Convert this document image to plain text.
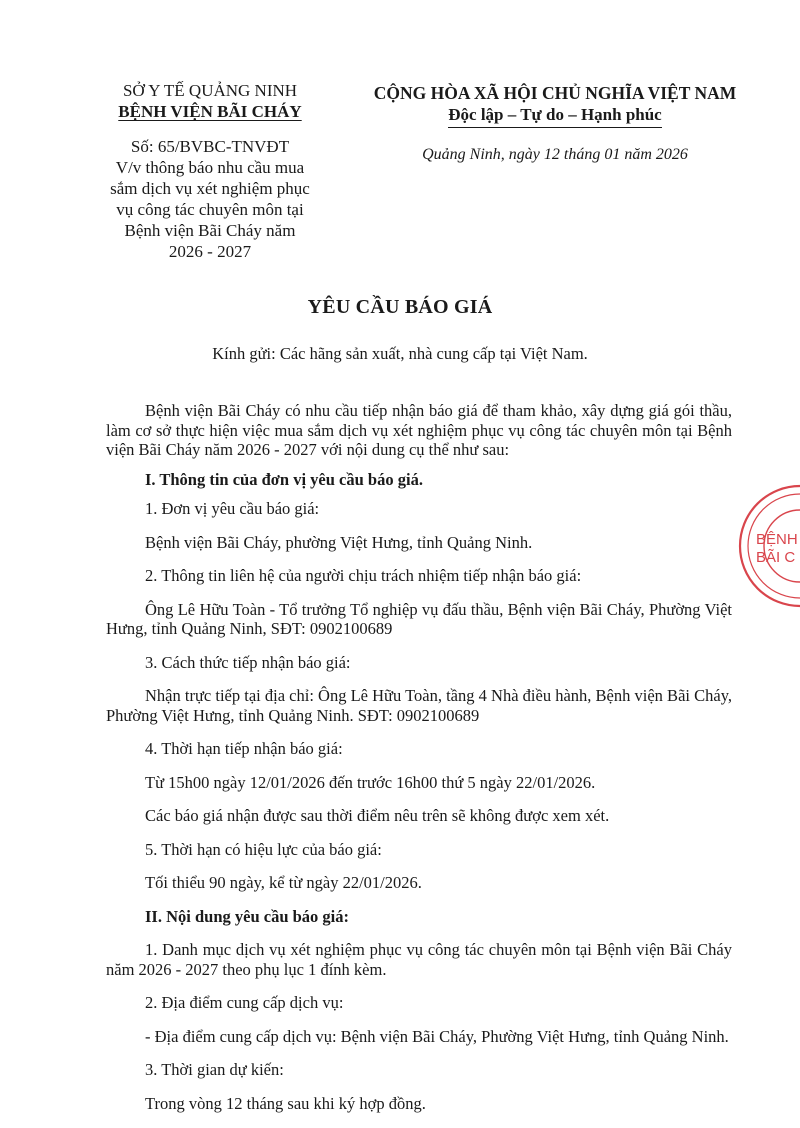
SỞ Y TẾ QUẢNG NINH
BỆNH VIỆN BÃI CHÁY
Số: 65/BVBC-TNVĐT
V/v thông báo nhu cầu mua
sắm dịch vụ xét nghiệm phục
vụ công tác chuyên môn tại
Bệnh viện Bãi Cháy năm
2026 - 2027
CỘNG HÒA XÃ HỘI CHỦ NGHĨA VIỆT NAM
Độc lập – Tự do – Hạnh phúc
Quảng Ninh, ngày 12 tháng 01 năm 2026
YÊU CẦU BÁO GIÁ
Kính gửi: Các hãng sản xuất, nhà cung cấp tại Việt Nam.
Bệnh viện Bãi Cháy có nhu cầu tiếp nhận báo giá để tham khảo, xây dựng giá gói thầu, làm cơ sở thực hiện việc mua sắm dịch vụ xét nghiệm phục vụ công tác chuyên môn tại Bệnh viện Bãi Cháy năm 2026 - 2027 với nội dung cụ thể như sau:
I. Thông tin của đơn vị yêu cầu báo giá.
1. Đơn vị yêu cầu báo giá:
Bệnh viện Bãi Cháy, phường Việt Hưng, tỉnh Quảng Ninh.
2. Thông tin liên hệ của người chịu trách nhiệm tiếp nhận báo giá:
Ông Lê Hữu Toàn - Tổ trưởng Tổ nghiệp vụ đấu thầu, Bệnh viện Bãi Cháy, Phường Việt Hưng, tỉnh Quảng Ninh, SĐT: 0902100689
3. Cách thức tiếp nhận báo giá:
Nhận trực tiếp tại địa chỉ: Ông Lê Hữu Toàn, tầng 4 Nhà điều hành, Bệnh viện Bãi Cháy, Phường Việt Hưng, tỉnh Quảng Ninh. SĐT: 0902100689
4. Thời hạn tiếp nhận báo giá:
Từ 15h00 ngày 12/01/2026 đến trước 16h00 thứ 5 ngày 22/01/2026.
Các báo giá nhận được sau thời điểm nêu trên sẽ không được xem xét.
5. Thời hạn có hiệu lực của báo giá:
Tối thiểu 90 ngày, kể từ ngày 22/01/2026.
II. Nội dung yêu cầu báo giá:
1. Danh mục dịch vụ xét nghiệm phục vụ công tác chuyên môn tại Bệnh viện Bãi Cháy năm 2026 - 2027 theo phụ lục 1 đính kèm.
2. Địa điểm cung cấp dịch vụ:
- Địa điểm cung cấp dịch vụ: Bệnh viện Bãi Cháy, Phường Việt Hưng, tỉnh Quảng Ninh.
3. Thời gian dự kiến:
Trong vòng 12 tháng sau khi ký hợp đồng.
BỆNH
BÃI C
